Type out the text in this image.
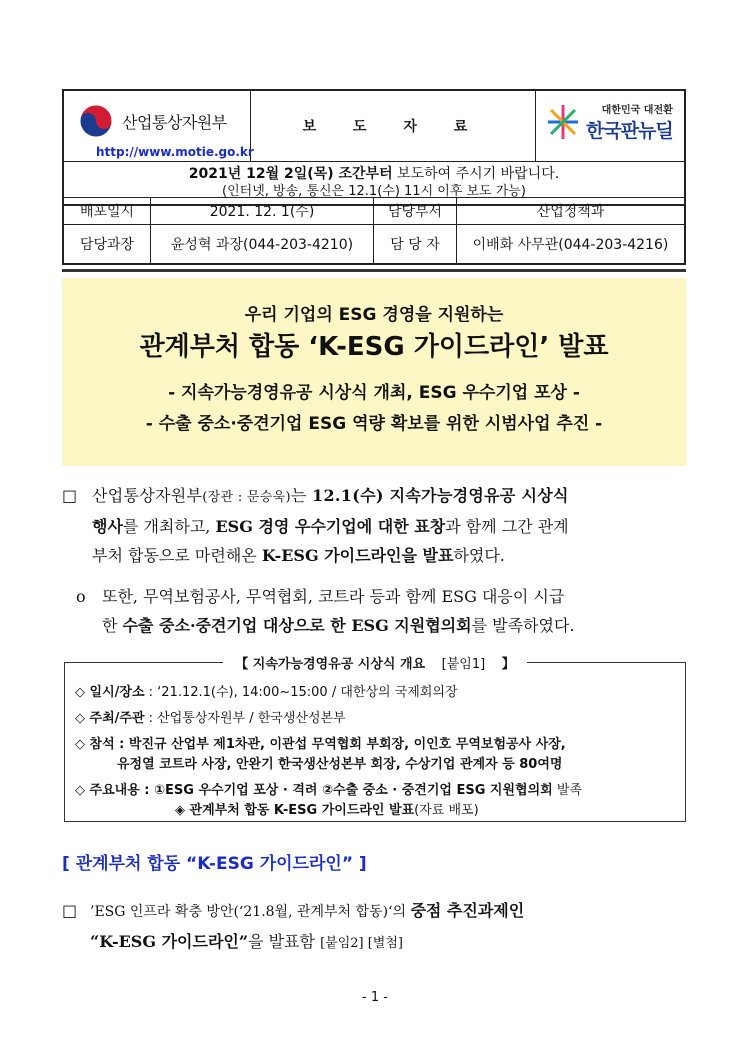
산업통상자원부
http://www.motie.go.kr
	보 도 자 료	
대한민국 대전환
한국판뉴딜

2021년 12월 2일(목) 조간부터 보도하여 주시기 바랍니다.
(인터넷, 방송, 통신은 12.1(수) 11시 이후 보도 가능)
배포일시	2021. 12. 1(수)	담당부서	산업정책과
담당과장	윤성혁 과장(044-203-4210)	담 당 자	이배화 사무관(044-203-4216)
우리 기업의 ESG 경영을 지원하는
관계부처 합동 ‘K-ESG 가이드라인’ 발표
- 지속가능경영유공 시상식 개최, ESG 우수기업 포상 -
- 수출 중소·중견기업 ESG 역량 확보를 위한 시범사업 추진 -
□ 산업통상자원부(장관 : 문승욱)는 12.1(수) 지속가능경영유공 시상식
행사를 개최하고, ESG 경영 우수기업에 대한 표창과 함께 그간 관계
부처 합동으로 마련해온 K-ESG 가이드라인을 발표하였다.
o 또한, 무역보험공사, 무역협회, 코트라 등과 함께 ESG 대응이 시급
한 수출 중소·중견기업 대상으로 한 ESG 지원협의회를 발족하였다.
【 지속가능경영유공 시상식 개요 [붙임1] 】
◇ 일시/장소 : ‘21.12.1(수), 14:00~15:00 / 대한상의 국제회의장
◇ 주최/주관 : 산업통상자원부 / 한국생산성본부
◇ 참석 : 박진규 산업부 제1차관, 이관섭 무역협회 부회장, 이인호 무역보험공사 사장,
유정열 코트라 사장, 안완기 한국생산성본부 회장, 수상기업 관계자 등 80여명
◇ 주요내용 : ①ESG 우수기업 포상 · 격려 ②수출 중소 · 중견기업 ESG 지원협의회 발족
◈ 관계부처 합동 K-ESG 가이드라인 발표(자료 배포)
[ 관계부처 합동 “K-ESG 가이드라인” ]
□ ’ESG 인프라 확충 방안(‘21.8월, 관계부처 합동)‘의 중점 추진과제인
“K-ESG 가이드라인”을 발표함 [붙임2] [별첨]
- 1 -
